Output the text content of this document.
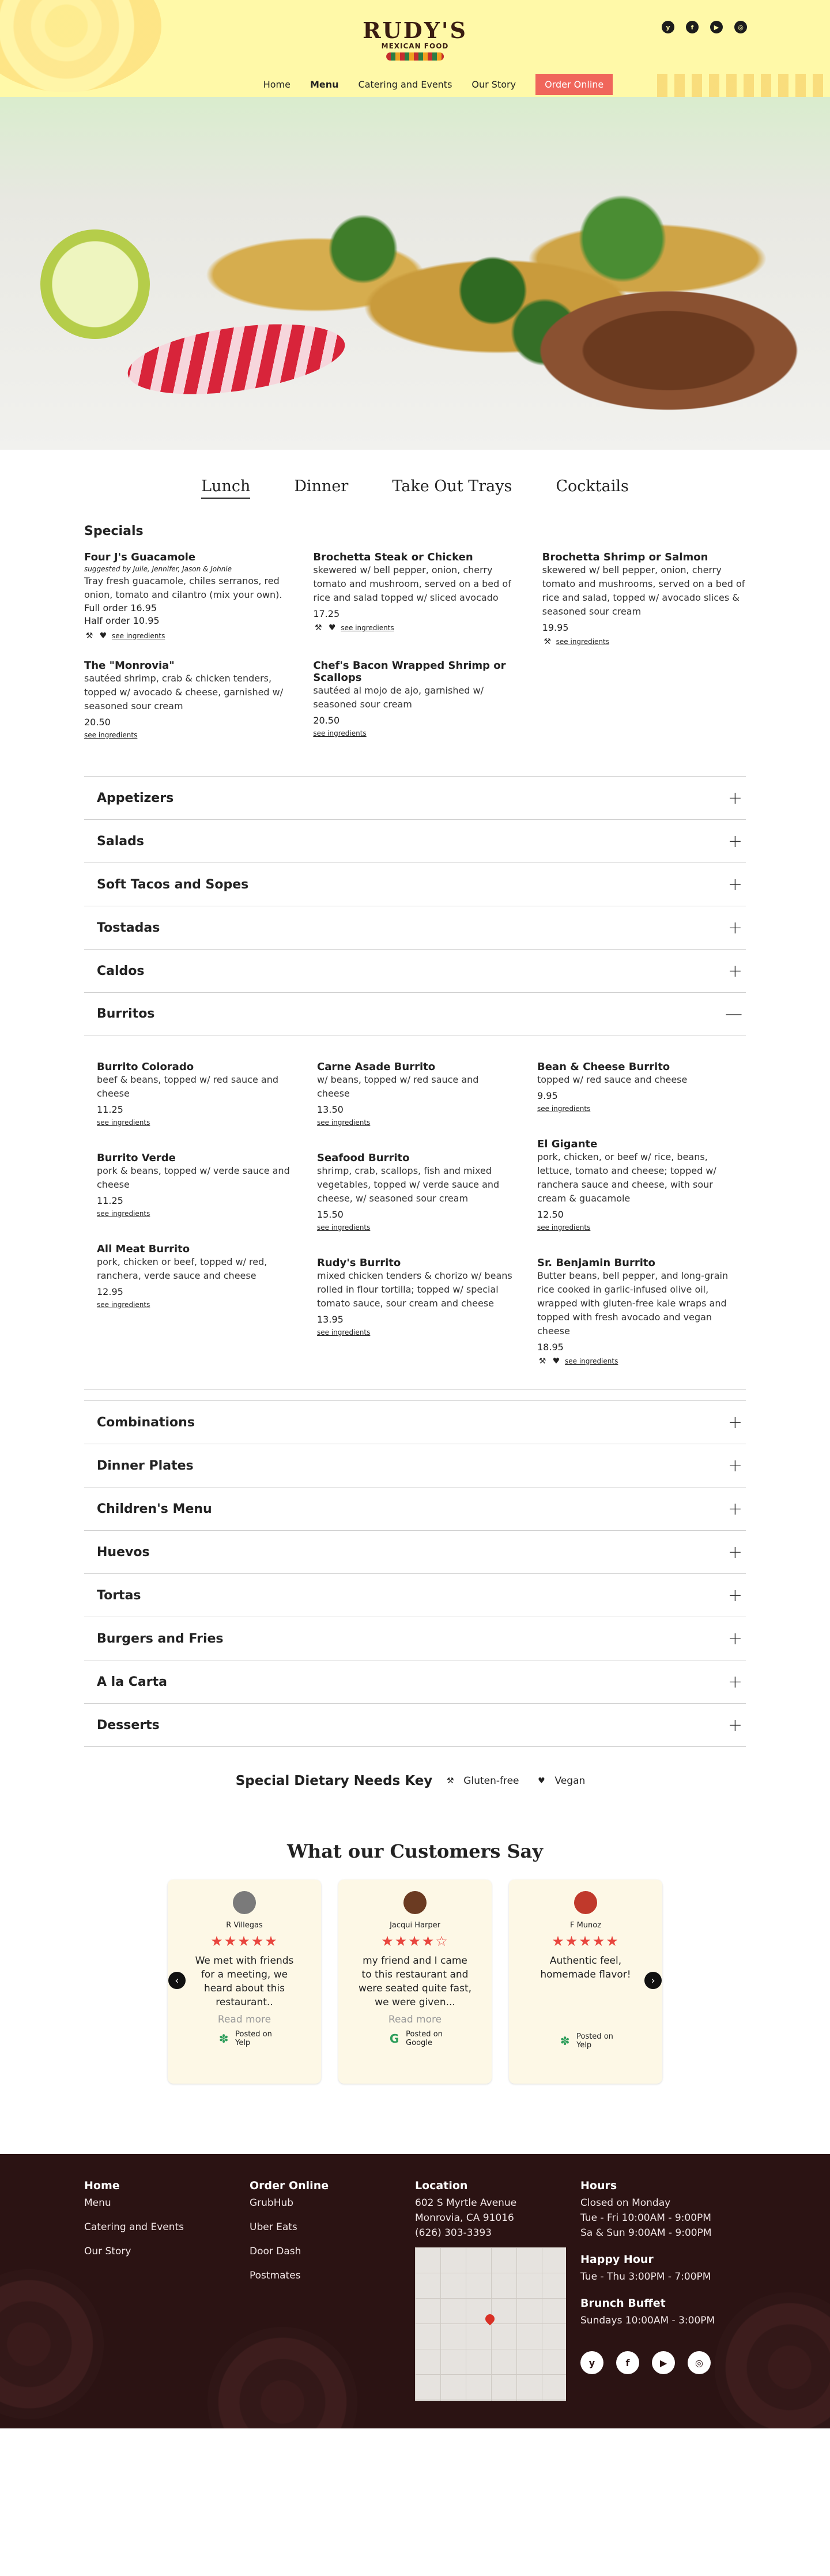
RUDY'S
MEXICAN FOOD
y	f	▶	◎
Home Menu Catering and Events Our Story	Order Online
Lunch	Dinner	Take Out Trays	Cocktails
Specials
Four J's Guacamole
suggested by Julie, Jennifer, Jason & Johnie
Tray fresh guacamole, chiles serranos, red onion, tomato and cilantro (mix your own).
Full order 16.95
Half order 10.95
⚒ ♥ see ingredients
Brochetta Steak or Chicken
skewered w/ bell pepper, onion, cherry tomato and mushroom, served on a bed of rice and salad topped w/ sliced avocado
17.25
⚒ ♥ see ingredients
Brochetta Shrimp or Salmon
skewered w/ bell pepper, onion, cherry tomato and mushrooms, served on a bed of rice and salad, topped w/ avocado slices & seasoned sour cream
19.95
⚒ see ingredients
The "Monrovia"
sautéed shrimp, crab & chicken tenders, topped w/ avocado & cheese, garnished w/ seasoned sour cream
20.50
see ingredients
Chef's Bacon Wrapped Shrimp or Scallops
sautéed al mojo de ajo, garnished w/ seasoned sour cream
20.50
see ingredients
Appetizers	+
Salads	+
Soft Tacos and Sopes	+
Tostadas	+
Caldos	+
Burritos	—
Burrito Colorado
beef & beans, topped w/ red sauce and cheese
11.25
see ingredients
Burrito Verde
pork & beans, topped w/ verde sauce and cheese
11.25
see ingredients
All Meat Burrito
pork, chicken or beef, topped w/ red, ranchera, verde sauce and cheese
12.95
see ingredients
Carne Asade Burrito
w/ beans, topped w/ red sauce and cheese
13.50
see ingredients
Seafood Burrito
shrimp, crab, scallops, fish and mixed vegetables, topped w/ verde sauce and cheese, w/ seasoned sour cream
15.50
see ingredients
Rudy's Burrito
mixed chicken tenders & chorizo w/ beans rolled in flour tortilla; topped w/ special tomato sauce, sour cream and cheese
13.95
see ingredients
Bean & Cheese Burrito
topped w/ red sauce and cheese
9.95
see ingredients
El Gigante
pork, chicken, or beef w/ rice, beans, lettuce, tomato and cheese; topped w/ ranchera sauce and cheese, with sour cream & guacamole
12.50
see ingredients
Sr. Benjamin Burrito
Butter beans, bell pepper, and long-grain rice cooked in garlic-infused olive oil, wrapped with gluten-free kale wraps and topped with fresh avocado and vegan cheese
18.95
⚒ ♥ see ingredients
Combinations	+
Dinner Plates	+
Children's Menu	+
Huevos	+
Tortas	+
Burgers and Fries	+
A la Carta	+
Desserts	+
Special Dietary Needs Key ⚒ Gluten-free ♥ Vegan
What our Customers Say
‹
R Villegas
★★★★★
We met with friends for a meeting, we heard about this restaurant..
Read more
✽ Posted on
Yelp
Jacqui Harper
★★★★☆
my friend and I came to this restaurant and were seated quite fast, we were given...
Read more
G Posted on
Google
F Munoz
★★★★★
Authentic feel, homemade flavor!
✽ Posted on
Yelp
›
Home
Menu
Catering and Events
Our Story
Order Online
GrubHub
Uber Eats
Door Dash
Postmates
Location

602 S Myrtle Avenue

Monrovia, CA 91016

(626) 303-3393

Hours

Closed on Monday

Tue - Fri 10:00AM - 9:00PM

Sa & Sun 9:00AM - 9:00PM

Happy Hour

Tue - Thu 3:00PM - 7:00PM

Brunch Buffet

Sundays 10:00AM - 3:00PM

y	f	▶	◎
